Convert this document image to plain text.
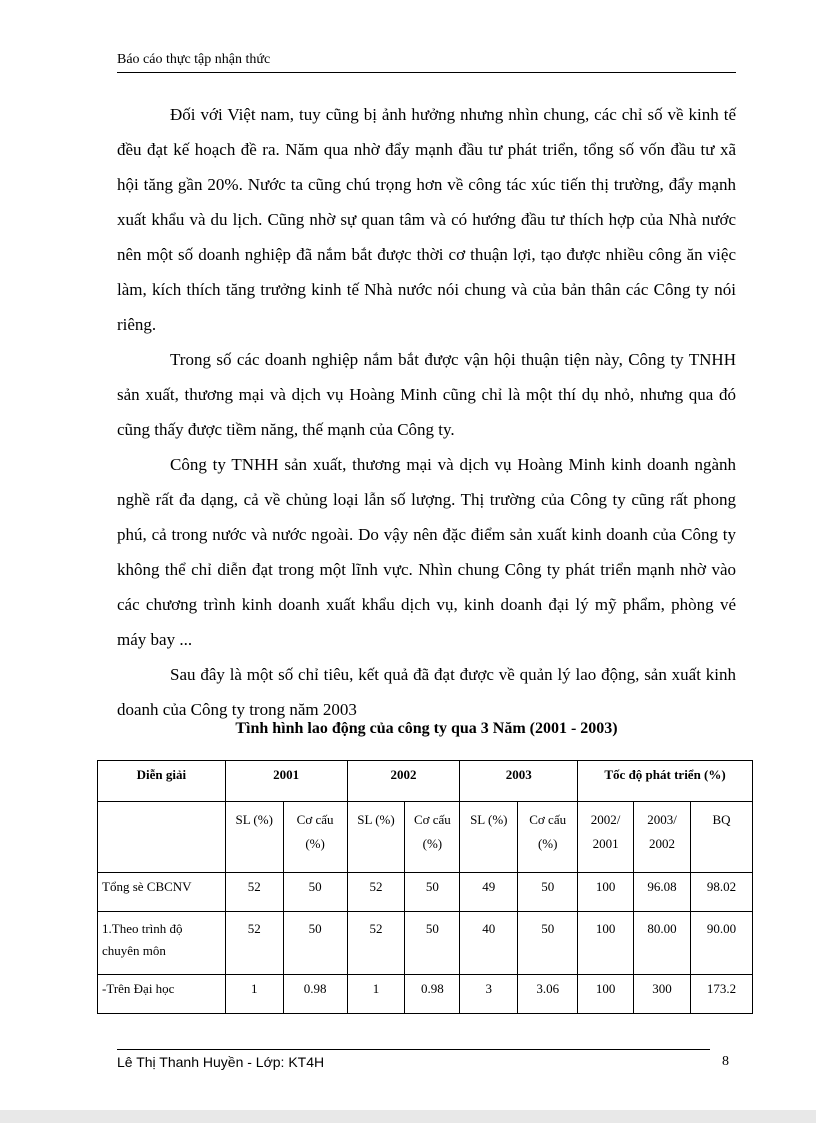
Báo cáo thực tập nhận thức

Đối với Việt nam, tuy cũng bị ảnh hưởng nhưng nhìn chung, các chỉ số về kinh tế đều đạt kế hoạch đề ra. Năm qua nhờ đẩy mạnh đầu tư phát triển, tổng số vốn đầu tư xã hội tăng gần 20%. Nước ta cũng chú trọng hơn về công tác xúc tiến thị trường, đẩy mạnh xuất khẩu và du lịch. Cũng nhờ sự quan tâm và có hướng đầu tư thích hợp của Nhà nước nên một số doanh nghiệp đã nắm bắt được thời cơ thuận lợi, tạo được nhiều công ăn việc làm, kích thích tăng trưởng kinh tế Nhà nước nói chung và của bản thân các Công ty nói riêng.

Trong số các doanh nghiệp nắm bắt được vận hội thuận tiện này, Công ty TNHH sản xuất, thương mại và dịch vụ Hoàng Minh cũng chỉ là một thí dụ nhỏ, nhưng qua đó cũng thấy được tiềm năng, thế mạnh của Công ty.

Công ty TNHH sản xuất, thương mại và dịch vụ Hoàng Minh kinh doanh ngành nghề rất đa dạng, cả về chủng loại lẫn số lượng. Thị trường của Công ty cũng rất phong phú, cả trong nước và nước ngoài. Do vậy nên đặc điểm sản xuất kinh doanh của Công ty không thể chỉ diễn đạt trong một lĩnh vực. Nhìn chung Công ty phát triển mạnh nhờ vào các chương trình kinh doanh xuất khẩu dịch vụ, kinh doanh đại lý mỹ phẩm, phòng vé máy bay ...

Sau đây là một số chỉ tiêu, kết quả đã đạt được về quản lý lao động, sản xuất kinh doanh của Công ty trong năm 2003

Tình hình lao động của công ty qua 3 Năm (2001 - 2003)
Diễn giải	2001		2002		2003		Tốc độ phát triển (%)		
	SL (%)	Cơ cấu (%)	SL (%)	Cơ cấu (%)	SL (%)	Cơ cấu (%)	2002/ 2001	2003/ 2002	BQ
Tổng sè CBCNV	52	50	52	50	49	50	100	96.08	98.02
1.Theo trình độ chuyên môn	52	50	52	50	40	50	100	80.00	90.00
-Trên Đại học	1	0.98	1	0.98	3	3.06	100	300	173.2
Lê Thị Thanh Huyền - Lớp: KT4H	8
